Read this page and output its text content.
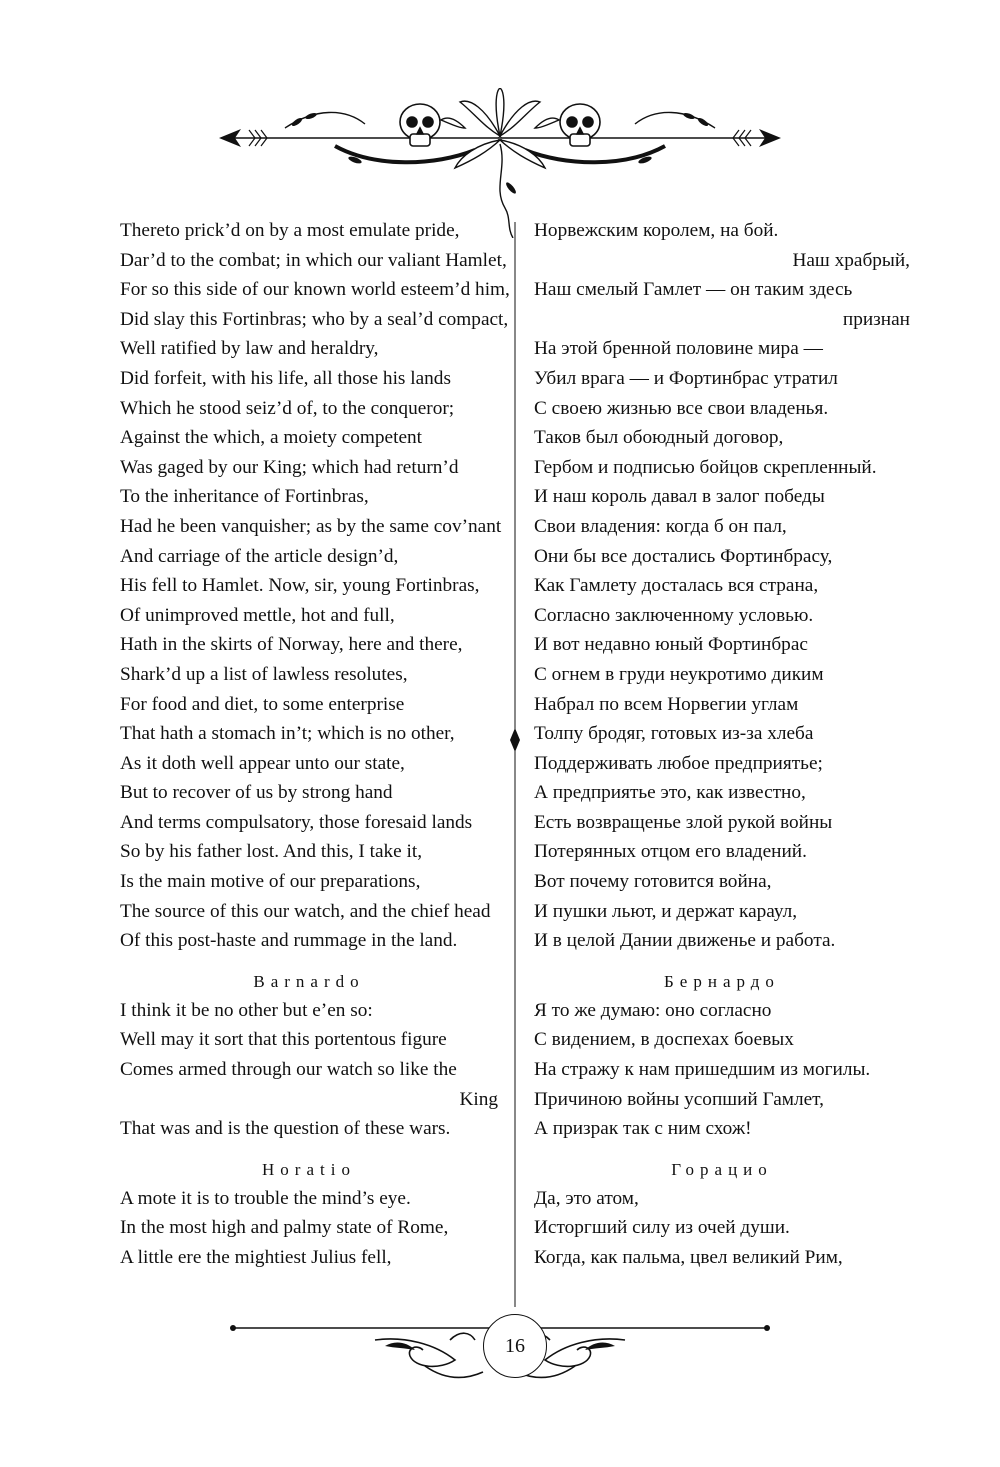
Thereto prick’d on by a most emulate pride,
Dar’d to the combat; in which our valiant Hamlet,
For so this side of our known world esteem’d him,
Did slay this Fortinbras; who by a seal’d compact,
Well ratified by law and heraldry,
Did forfeit, with his life, all those his lands
Which he stood seiz’d of, to the conqueror;
Against the which, a moiety competent
Was gaged by our King; which had return’d
To the inheritance of Fortinbras,
Had he been vanquisher; as by the same cov’nant
And carriage of the article design’d,
His fell to Hamlet. Now, sir, young Fortinbras,
Of unimproved mettle, hot and full,
Hath in the skirts of Norway, here and there,
Shark’d up a list of lawless resolutes,
For food and diet, to some enterprise
That hath a stomach in’t; which is no other,
As it doth well appear unto our state,
But to recover of us by strong hand
And terms compulsatory, those foresaid lands
So by his father lost. And this, I take it,
Is the main motive of our preparations,
The source of this our watch, and the chief head
Of this post-haste and rummage in the land.
Barnardo
I think it be no other but e’en so:
Well may it sort that this portentous figure
Comes armed through our watch so like the
King
That was and is the question of these wars.
Horatio
A mote it is to trouble the mind’s eye.
In the most high and palmy state of Rome,
A little ere the mightiest Julius fell,
Норвежским королем, на бой.
Наш храбрый,
Наш смелый Гамлет — он таким здесь
признан
На этой бренной половине мира —
Убил врага — и Фортинбрас утратил
С своею жизнью все свои владенья.
Таков был обоюдный договор,
Гербом и подписью бойцов скрепленный.
И наш король давал в залог победы
Свои владения: когда б он пал,
Они бы все достались Фортинбрасу,
Как Гамлету досталась вся страна,
Согласно заключенному условью.
И вот недавно юный Фортинбрас
С огнем в груди неукротимо диким
Набрал по всем Норвегии углам
Толпу бродяг, готовых из-за хлеба
Поддерживать любое предприятье;
А предприятье это, как известно,
Есть возвращенье злой рукой войны
Потерянных отцом его владений.
Вот почему готовится война,
И пушки льют, и держат караул,
И в целой Дании движенье и работа.
Бернардо
Я то же думаю: оно согласно
С видением, в доспехах боевых
На стражу к нам пришедшим из могилы.
Причиною войны усопший Гамлет,
А призрак так с ним схож!
Горацио
Да, это атом,
Исторгший силу из очей души.
Когда, как пальма, цвел великий Рим,
16
